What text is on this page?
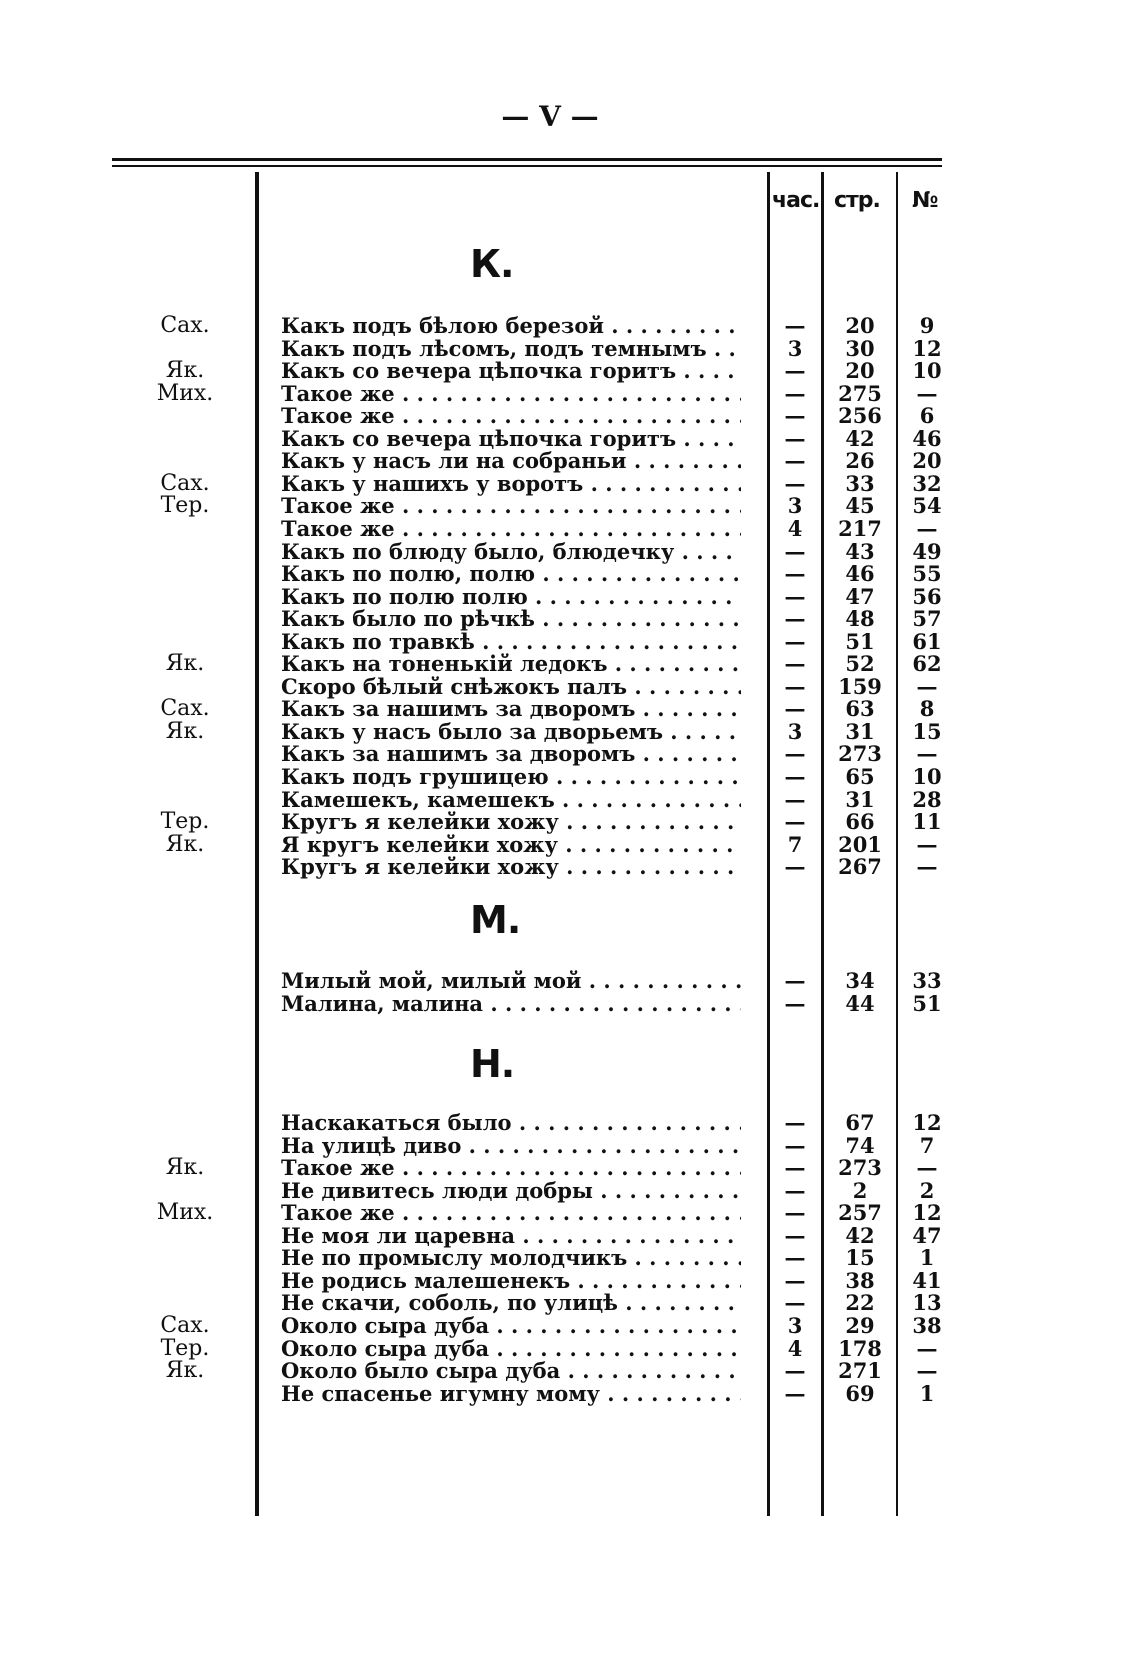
— V —
час. стр. №
К.
Сах.	Какъ подъ бѣлою березой . . .	—	20	9
Какъ подъ лѣсомъ, подъ темнымъ . . .	3	30	12
Як.	Какъ со вечера цѣпочка горитъ . . .	—	20	10
Мих.	Такое же . . .	—	275	—
Такое же . . .	—	256	6
Какъ со вечера цѣпочка горитъ . . .	—	42	46
Какъ у насъ ли на собраньи . . .	—	26	20
Сах.	Какъ у нашихъ у воротъ . . .	—	33	32
Тер.	Такое же . . .	3	45	54
Такое же . . .	4	217	—
Какъ по блюду было, блюдечку . . .	—	43	49
Какъ по полю, полю . . .	—	46	55
Какъ по полю полю . . .	—	47	56
Какъ было по рѣчкѣ . . .	—	48	57
Какъ по травкѣ . . .	—	51	61
Як.	Какъ на тоненькій ледокъ . . .	—	52	62
Скоро бѣлый снѣжокъ палъ . . .	—	159	—
Сах.	Какъ за нашимъ за дворомъ . . .	—	63	8
Як.	Какъ у насъ было за дворьемъ . . .	3	31	15
Какъ за нашимъ за дворомъ . . .	—	273	—
Какъ подъ грушицею . . .	—	65	10
Камешекъ, камешекъ . . .	—	31	28
Тер.	Кругъ я келейки хожу . . .	—	66	11
Як.	Я кругъ келейки хожу . . .	7	201	—
Кругъ я келейки хожу . . .	—	267	—
М.
Милый мой, милый мой . . .	—	34	33
Малина, малина . . .	—	44	51
Н.
Наскакаться было . . .	—	67	12
На улицѣ диво . . .	—	74	7
Як.	Такое же . . .	—	273	—
Не дивитесь люди добры . . .	—	2	2
Мих.	Такое же . . .	—	257	12
Не моя ли царевна . . .	—	42	47
Не по промыслу молодчикъ . . .	—	15	1
Не родись малешенекъ . . .	—	38	41
Не скачи, соболь, по улицѣ . . .	—	22	13
Сах.	Около сыра дуба . . .	3	29	38
Тер.	Около сыра дуба . . .	4	178	—
Як.	Около было сыра дуба . . .	—	271	—
Не спасенье игумну мому . . .	—	69	1
